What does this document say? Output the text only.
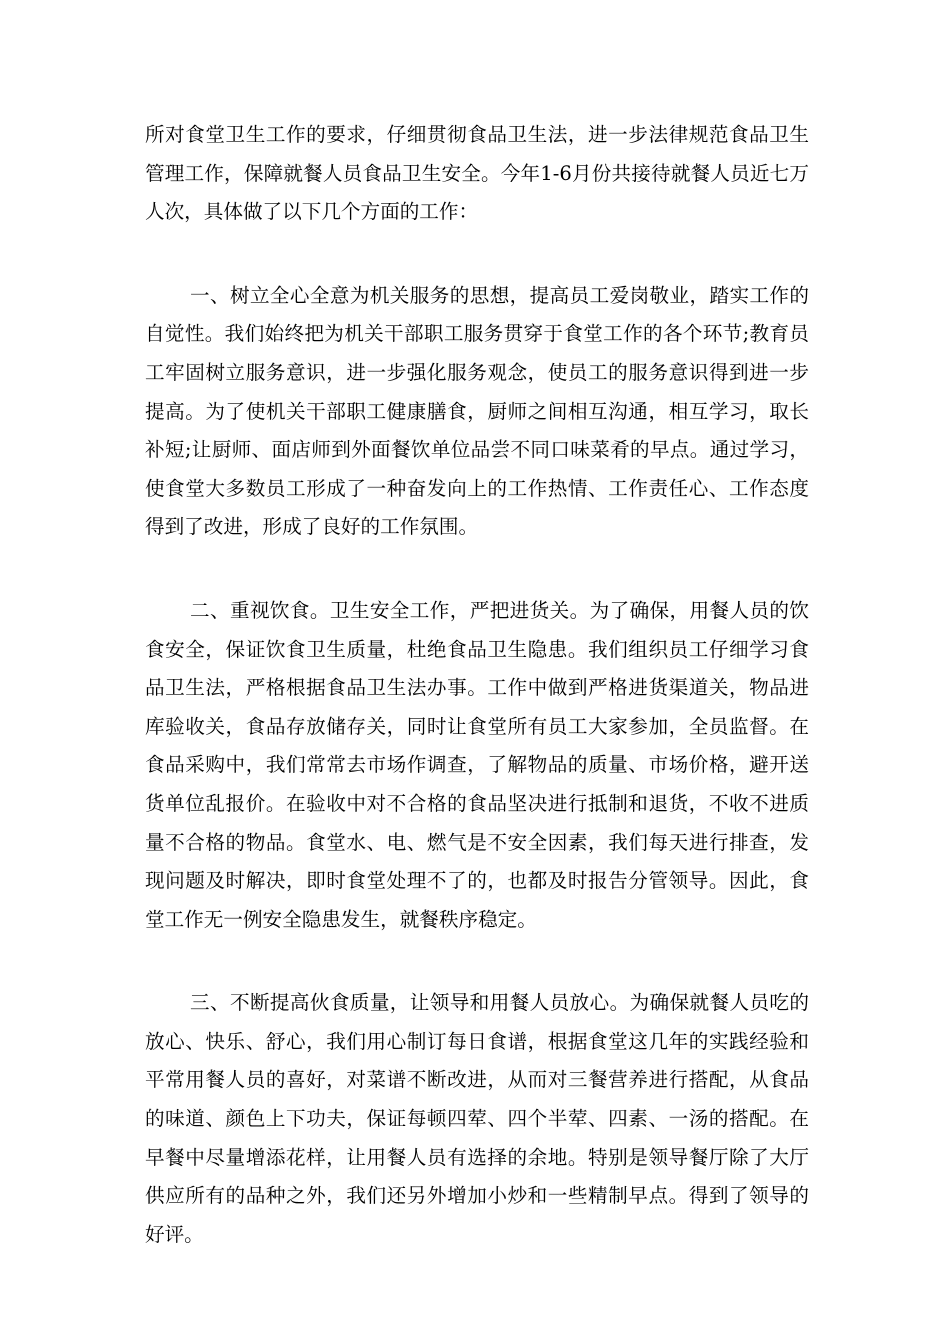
所对食堂卫生工作的要求，仔细贯彻食品卫生法，进一步法律规范食品卫生管理工作，保障就餐人员食品卫生安全。今年1-6月份共接待就餐人员近七万人次，具体做了以下几个方面的工作：

一、树立全心全意为机关服务的思想，提高员工爱岗敬业，踏实工作的自觉性。我们始终把为机关干部职工服务贯穿于食堂工作的各个环节;教育员工牢固树立服务意识，进一步强化服务观念，使员工的服务意识得到进一步提高。为了使机关干部职工健康膳食，厨师之间相互沟通，相互学习，取长补短;让厨师、面店师到外面餐饮单位品尝不同口味菜肴的早点。通过学习，使食堂大多数员工形成了一种奋发向上的工作热情、工作责任心、工作态度得到了改进，形成了良好的工作氛围。

二、重视饮食。卫生安全工作，严把进货关。为了确保，用餐人员的饮食安全，保证饮食卫生质量，杜绝食品卫生隐患。我们组织员工仔细学习食品卫生法，严格根据食品卫生法办事。工作中做到严格进货渠道关，物品进库验收关，食品存放储存关，同时让食堂所有员工大家参加，全员监督。在食品采购中，我们常常去市场作调查，了解物品的质量、市场价格，避开送货单位乱报价。在验收中对不合格的食品坚决进行抵制和退货，不收不进质量不合格的物品。食堂水、电、燃气是不安全因素，我们每天进行排查，发现问题及时解决，即时食堂处理不了的，也都及时报告分管领导。因此，食堂工作无一例安全隐患发生，就餐秩序稳定。

三、不断提高伙食质量，让领导和用餐人员放心。为确保就餐人员吃的放心、快乐、舒心，我们用心制订每日食谱，根据食堂这几年的实践经验和平常用餐人员的喜好，对菜谱不断改进，从而对三餐营养进行搭配，从食品的味道、颜色上下功夫，保证每顿四荤、四个半荤、四素、一汤的搭配。在早餐中尽量增添花样，让用餐人员有选择的余地。特别是领导餐厅除了大厅供应所有的品种之外，我们还另外增加小炒和一些精制早点。得到了领导的好评。
